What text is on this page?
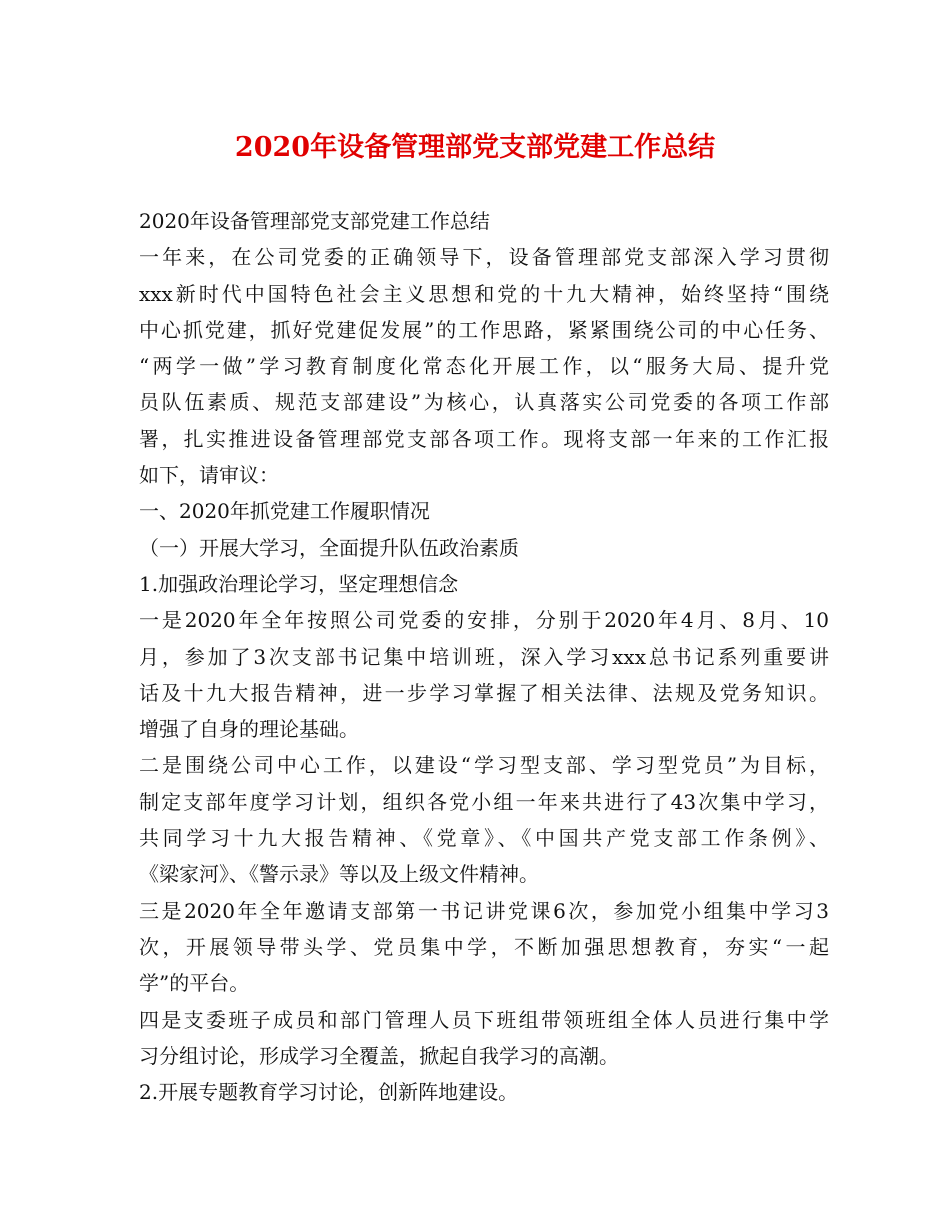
2020年设备管理部党支部党建工作总结
2020年设备管理部党支部党建工作总结
一年来，在公司党委的正确领导下，设备管理部党支部深入学习贯彻
xxx新时代中国特色社会主义思想和党的十九大精神，始终坚持“围绕
中心抓党建，抓好党建促发展”的工作思路，紧紧围绕公司的中心任务、
“两学一做”学习教育制度化常态化开展工作，以“服务大局、提升党
员队伍素质、规范支部建设”为核心，认真落实公司党委的各项工作部
署，扎实推进设备管理部党支部各项工作。现将支部一年来的工作汇报
如下，请审议：
一、2020年抓党建工作履职情况
（一）开展大学习，全面提升队伍政治素质
1.加强政治理论学习，坚定理想信念
一是2020年全年按照公司党委的安排，分别于2020年4月、8月、10
月，参加了3次支部书记集中培训班，深入学习xxx总书记系列重要讲
话及十九大报告精神，进一步学习掌握了相关法律、法规及党务知识。
增强了自身的理论基础。
二是围绕公司中心工作，以建设“学习型支部、学习型党员”为目标，
制定支部年度学习计划，组织各党小组一年来共进行了43次集中学习，
共同学习十九大报告精神、《党章》、《中国共产党支部工作条例》、
《梁家河》、《警示录》等以及上级文件精神。
三是2020年全年邀请支部第一书记讲党课6次，参加党小组集中学习3
次，开展领导带头学、党员集中学，不断加强思想教育，夯实“一起
学”的平台。
四是支委班子成员和部门管理人员下班组带领班组全体人员进行集中学
习分组讨论，形成学习全覆盖，掀起自我学习的高潮。
2.开展专题教育学习讨论，创新阵地建设。
